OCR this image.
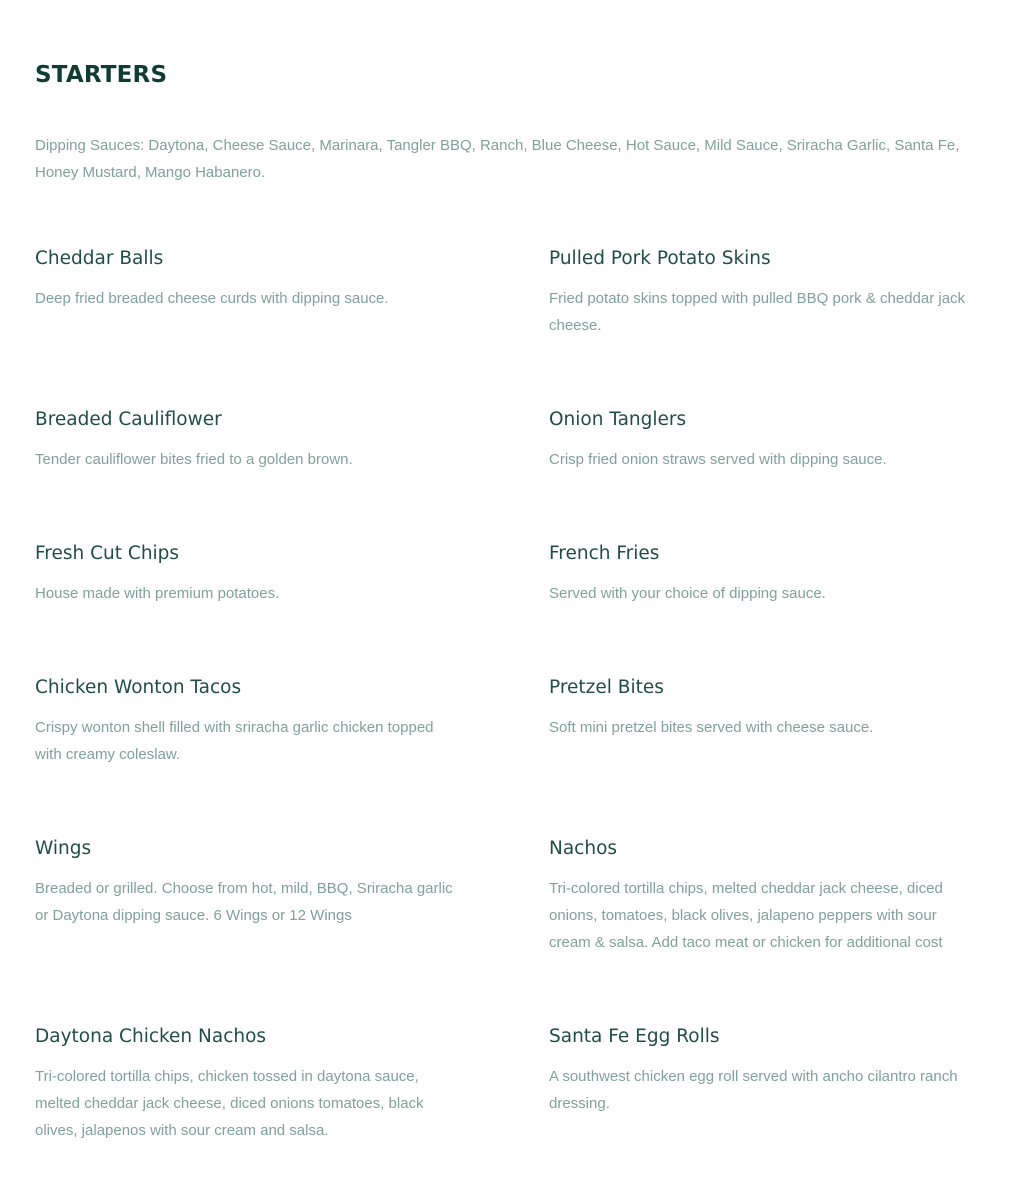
STARTERS

Dipping Sauces: Daytona, Cheese Sauce, Marinara, Tangler BBQ, Ranch, Blue Cheese, Hot Sauce, Mild Sauce, Sriracha Garlic, Santa Fe, Honey Mustard, Mango Habanero.

Cheddar Balls

Deep fried breaded cheese curds with dipping sauce.

Pulled Pork Potato Skins

Fried potato skins topped with pulled BBQ pork & cheddar jack cheese.

Breaded Cauliflower

Tender cauliflower bites fried to a golden brown.

Onion Tanglers

Crisp fried onion straws served with dipping sauce.

Fresh Cut Chips

House made with premium potatoes.

French Fries

Served with your choice of dipping sauce.

Chicken Wonton Tacos

Crispy wonton shell filled with sriracha garlic chicken topped with creamy coleslaw.

Pretzel Bites

Soft mini pretzel bites served with cheese sauce.

Wings

Breaded or grilled. Choose from hot, mild, BBQ, Sriracha garlic or Daytona dipping sauce. 6 Wings or 12 Wings

Nachos

Tri-colored tortilla chips, melted cheddar jack cheese, diced onions, tomatoes, black olives, jalapeno peppers with sour cream & salsa. Add taco meat or chicken for additional cost

Daytona Chicken Nachos

Tri-colored tortilla chips, chicken tossed in daytona sauce, melted cheddar jack cheese, diced onions tomatoes, black olives, jalapenos with sour cream and salsa.

Santa Fe Egg Rolls

A southwest chicken egg roll served with ancho cilantro ranch dressing.
